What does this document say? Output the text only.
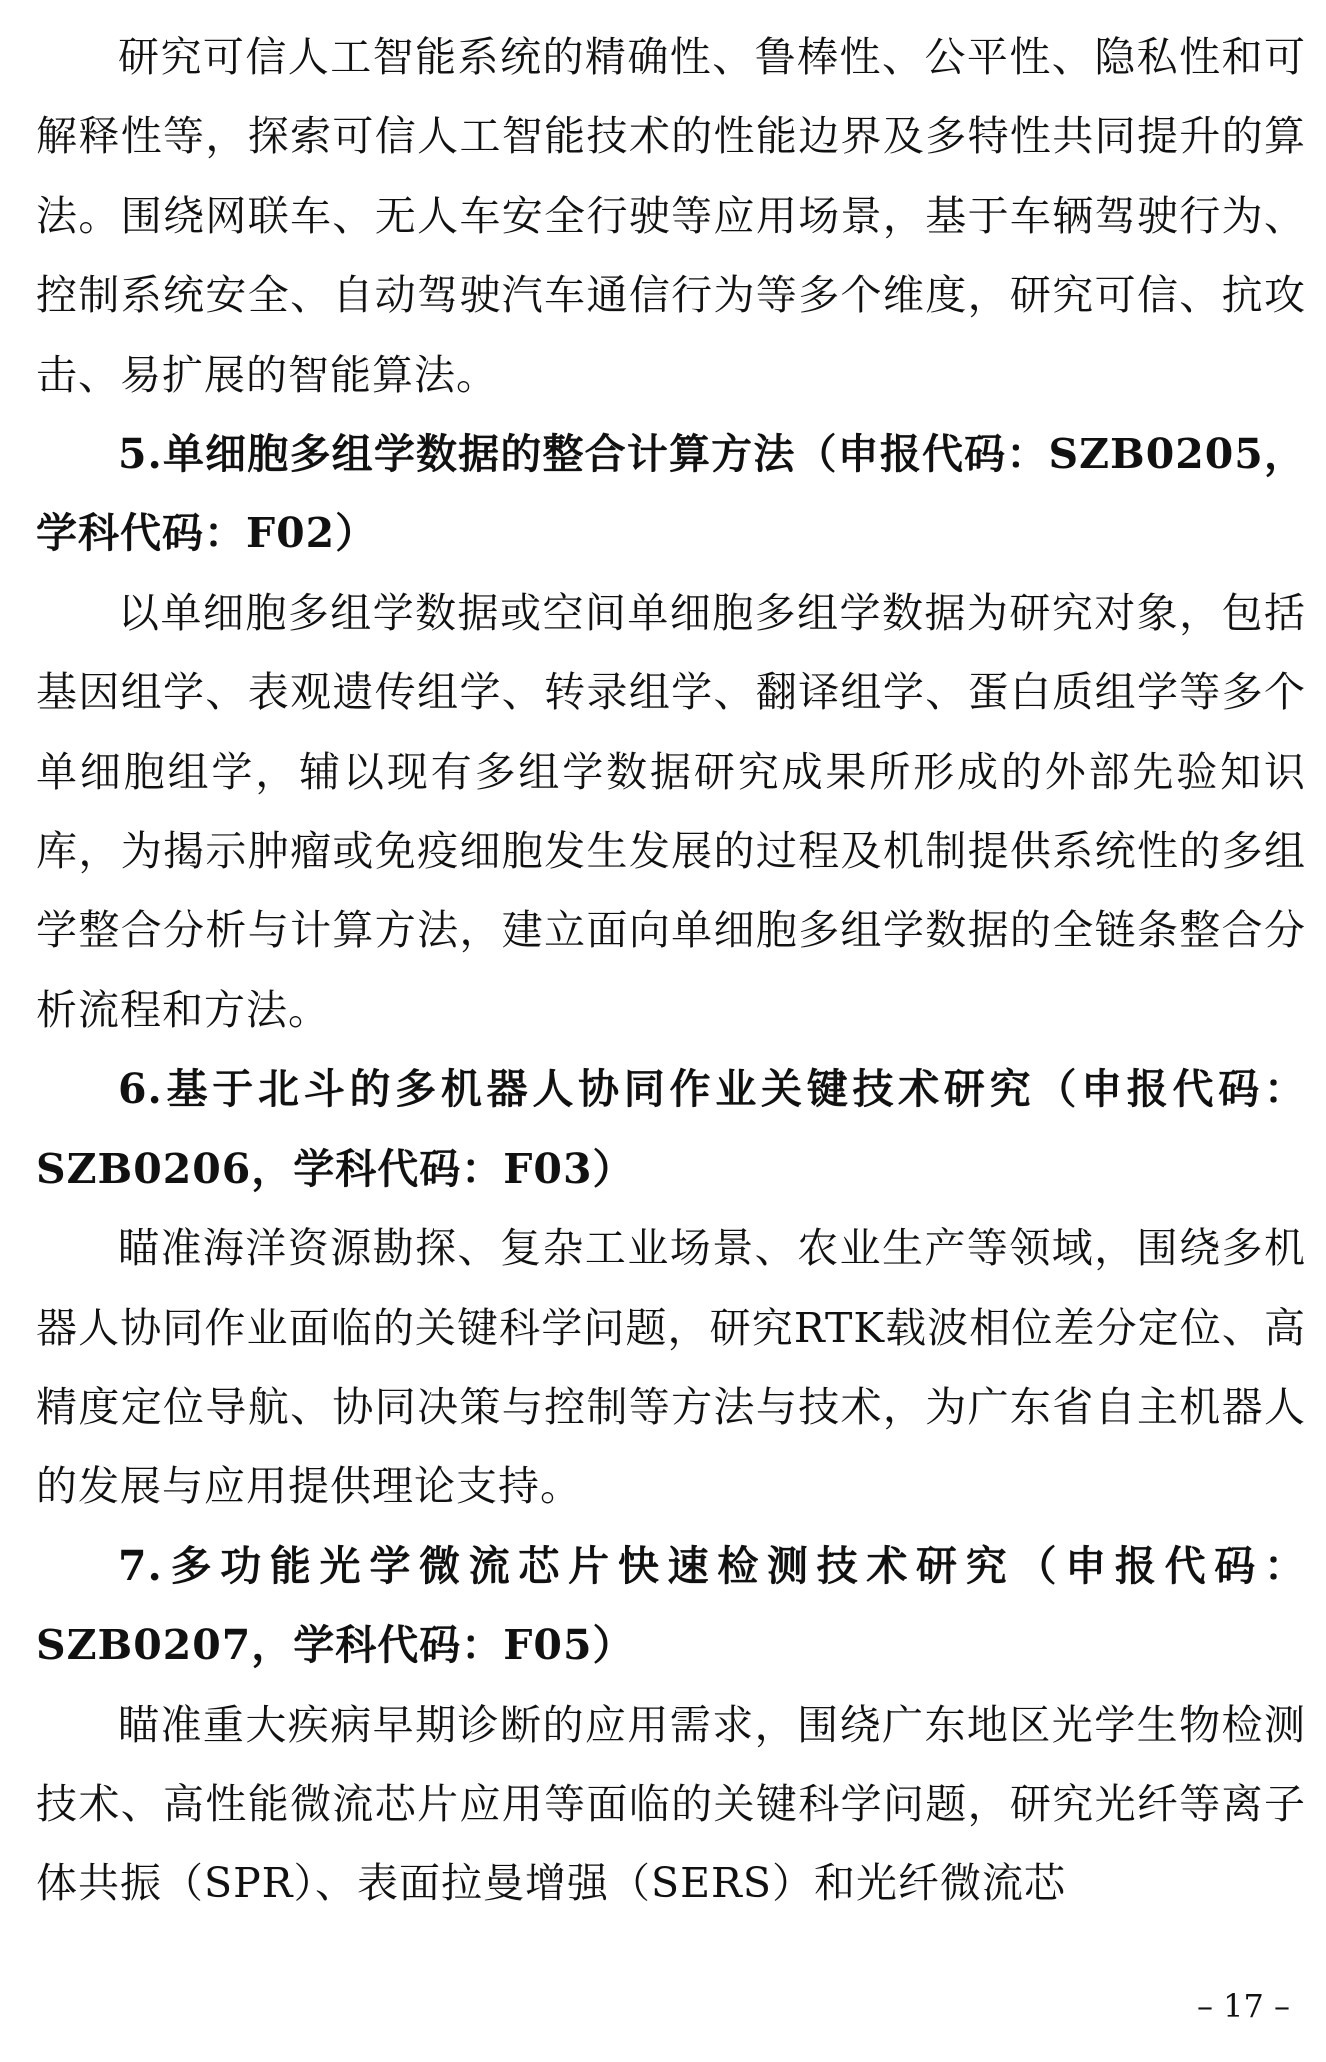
研究可信人工智能系统的精确性、鲁棒性、公平性、隐私性和可解释性等，探索可信人工智能技术的性能边界及多特性共同提升的算法。围绕网联车、无人车安全行驶等应用场景，基于车辆驾驶行为、控制系统安全、自动驾驶汽车通信行为等多个维度，研究可信、抗攻击、易扩展的智能算法。

5.单细胞多组学数据的整合计算方法（申报代码：SZB0205，学科代码：F02）

以单细胞多组学数据或空间单细胞多组学数据为研究对象，包括基因组学、表观遗传组学、转录组学、翻译组学、蛋白质组学等多个单细胞组学，辅以现有多组学数据研究成果所形成的外部先验知识库，为揭示肿瘤或免疫细胞发生发展的过程及机制提供系统性的多组学整合分析与计算方法，建立面向单细胞多组学数据的全链条整合分析流程和方法。

6.基于北斗的多机器人协同作业关键技术研究（申报代码：SZB0206，学科代码：F03）

瞄准海洋资源勘探、复杂工业场景、农业生产等领域，围绕多机器人协同作业面临的关键科学问题，研究RTK载波相位差分定位、高精度定位导航、协同决策与控制等方法与技术，为广东省自主机器人的发展与应用提供理论支持。

7.多功能光学微流芯片快速检测技术研究（申报代码：SZB0207，学科代码：F05）

瞄准重大疾病早期诊断的应用需求，围绕广东地区光学生物检测技术、高性能微流芯片应用等面临的关键科学问题，研究光纤等离子体共振（SPR）、表面拉曼增强（SERS）和光纤微流芯

– 17 –
